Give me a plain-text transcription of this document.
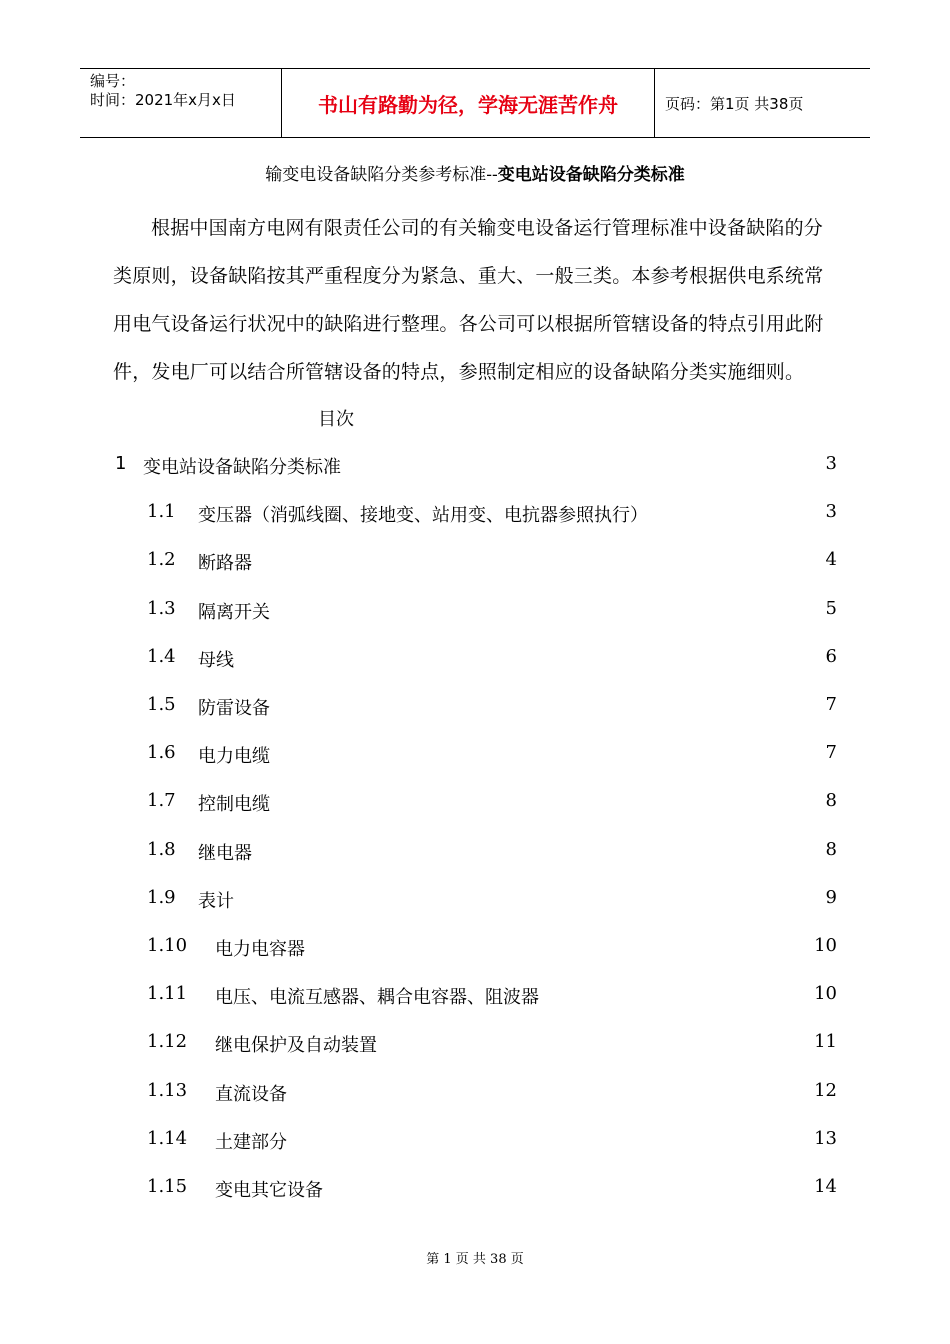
编号：
时间：2021年x月x日	书山有路勤为径，学海无涯苦作舟	页码：第1页 共38页
输变电设备缺陷分类参考标准--变电站设备缺陷分类标准
根据中国南方电网有限责任公司的有关输变电设备运行管理标准中设备缺陷的分类原则，设备缺陷按其严重程度分为紧急、重大、一般三类。本参考根据供电系统常用电气设备运行状况中的缺陷进行整理。各公司可以根据所管辖设备的特点引用此附件，发电厂可以结合所管辖设备的特点，参照制定相应的设备缺陷分类实施细则。
目次
1 变电站设备缺陷分类标准	3
1.1 变压器（消弧线圈、接地变、站用变、电抗器参照执行）	3
1.2 断路器	4
1.3 隔离开关	5
1.4 母线	6
1.5 防雷设备	7
1.6 电力电缆	7
1.7 控制电缆	8
1.8 继电器	8
1.9 表计	9
1.10 电力电容器	10
1.11 电压、电流互感器、耦合电容器、阻波器	10
1.12 继电保护及自动装置	11
1.13 直流设备	12
1.14 土建部分	13
1.15 变电其它设备	14
第 1 页 共 38 页
